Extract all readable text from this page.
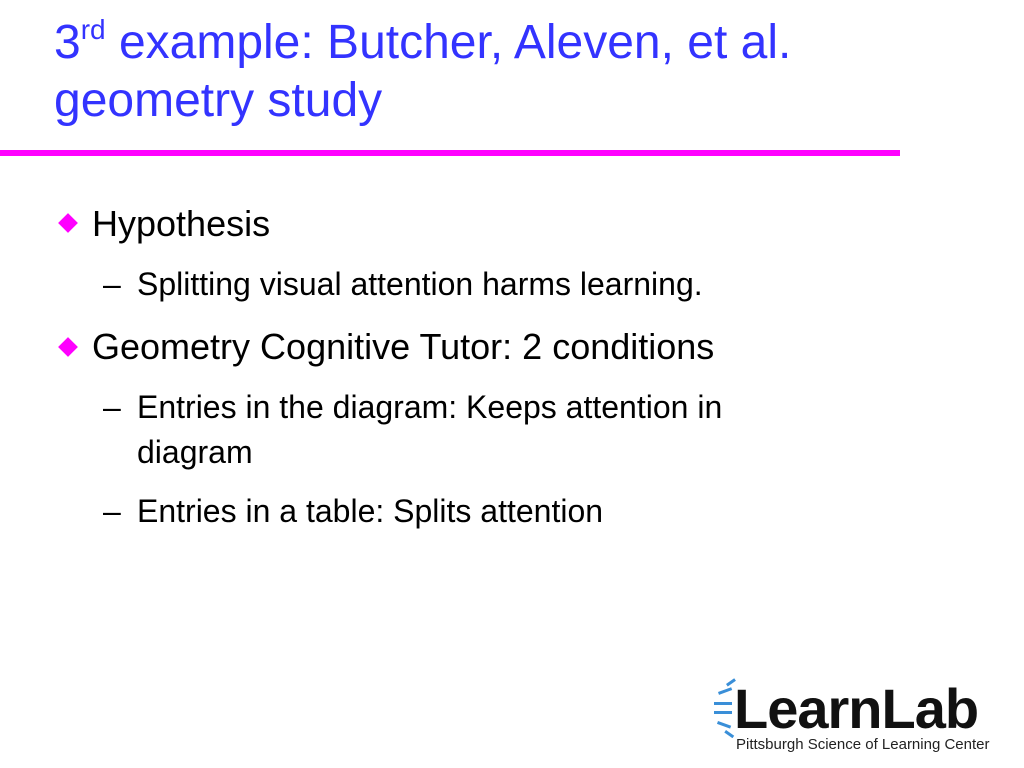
3rd example: Butcher, Aleven, et al.
geometry study
Hypothesis
– Splitting visual attention harms learning.
Geometry Cognitive Tutor: 2 conditions
– Entries in the diagram: Keeps attention in
diagram
– Entries in a table: Splits attention
LearnLab
Pittsburgh Science of Learning Center
